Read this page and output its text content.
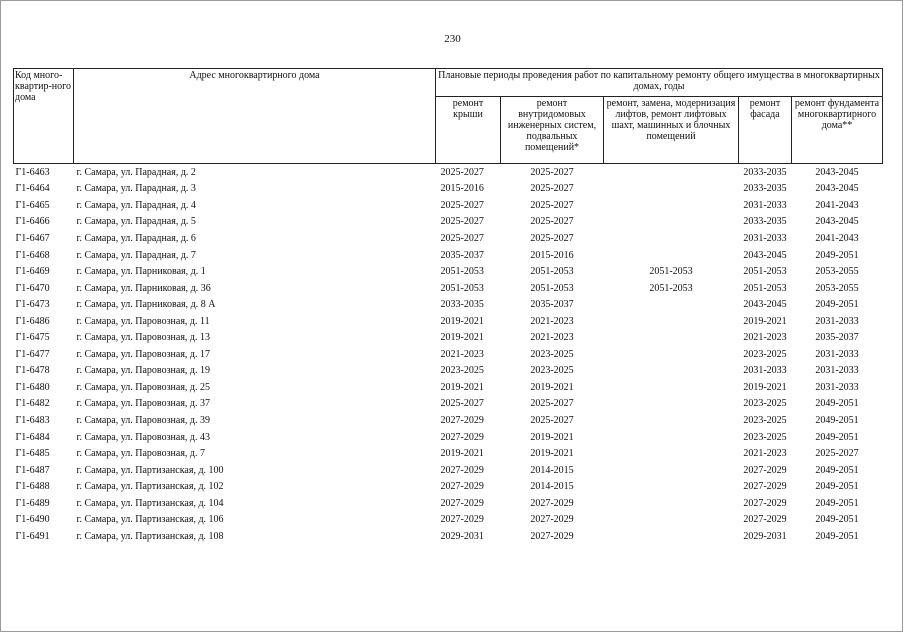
230
Код много-квартир-ного дома	Адрес многоквартирного дома	Плановые периоды проведения работ по капитальному ремонту общего имущества в многоквартирных домах, годы				
		ремонт крыши	ремонт внутридомовых инженерных систем, подвальных помещений*	ремонт, замена, модернизация лифтов, ремонт лифтовых шахт, машинных и блочных помещений	ремонт фасада	ремонт фундамента многоквартирного дома**
Г1-6463	г. Самара, ул. Парадная, д. 2	2025-2027	2025-2027		2033-2035	2043-2045
Г1-6464	г. Самара, ул. Парадная, д. 3	2015-2016	2025-2027		2033-2035	2043-2045
Г1-6465	г. Самара, ул. Парадная, д. 4	2025-2027	2025-2027		2031-2033	2041-2043
Г1-6466	г. Самара, ул. Парадная, д. 5	2025-2027	2025-2027		2033-2035	2043-2045
Г1-6467	г. Самара, ул. Парадная, д. 6	2025-2027	2025-2027		2031-2033	2041-2043
Г1-6468	г. Самара, ул. Парадная, д. 7	2035-2037	2015-2016		2043-2045	2049-2051
Г1-6469	г. Самара, ул. Парниковая, д. 1	2051-2053	2051-2053	2051-2053	2051-2053	2053-2055
Г1-6470	г. Самара, ул. Парниковая, д. 36	2051-2053	2051-2053	2051-2053	2051-2053	2053-2055
Г1-6473	г. Самара, ул. Парниковая, д. 8 А	2033-2035	2035-2037		2043-2045	2049-2051
Г1-6486	г. Самара, ул. Паровозная, д. 11	2019-2021	2021-2023		2019-2021	2031-2033
Г1-6475	г. Самара, ул. Паровозная, д. 13	2019-2021	2021-2023		2021-2023	2035-2037
Г1-6477	г. Самара, ул. Паровозная, д. 17	2021-2023	2023-2025		2023-2025	2031-2033
Г1-6478	г. Самара, ул. Паровозная, д. 19	2023-2025	2023-2025		2031-2033	2031-2033
Г1-6480	г. Самара, ул. Паровозная, д. 25	2019-2021	2019-2021		2019-2021	2031-2033
Г1-6482	г. Самара, ул. Паровозная, д. 37	2025-2027	2025-2027		2023-2025	2049-2051
Г1-6483	г. Самара, ул. Паровозная, д. 39	2027-2029	2025-2027		2023-2025	2049-2051
Г1-6484	г. Самара, ул. Паровозная, д. 43	2027-2029	2019-2021		2023-2025	2049-2051
Г1-6485	г. Самара, ул. Паровозная, д. 7	2019-2021	2019-2021		2021-2023	2025-2027
Г1-6487	г. Самара, ул. Партизанская, д. 100	2027-2029	2014-2015		2027-2029	2049-2051
Г1-6488	г. Самара, ул. Партизанская, д. 102	2027-2029	2014-2015		2027-2029	2049-2051
Г1-6489	г. Самара, ул. Партизанская, д. 104	2027-2029	2027-2029		2027-2029	2049-2051
Г1-6490	г. Самара, ул. Партизанская, д. 106	2027-2029	2027-2029		2027-2029	2049-2051
Г1-6491	г. Самара, ул. Партизанская, д. 108	2029-2031	2027-2029		2029-2031	2049-2051
